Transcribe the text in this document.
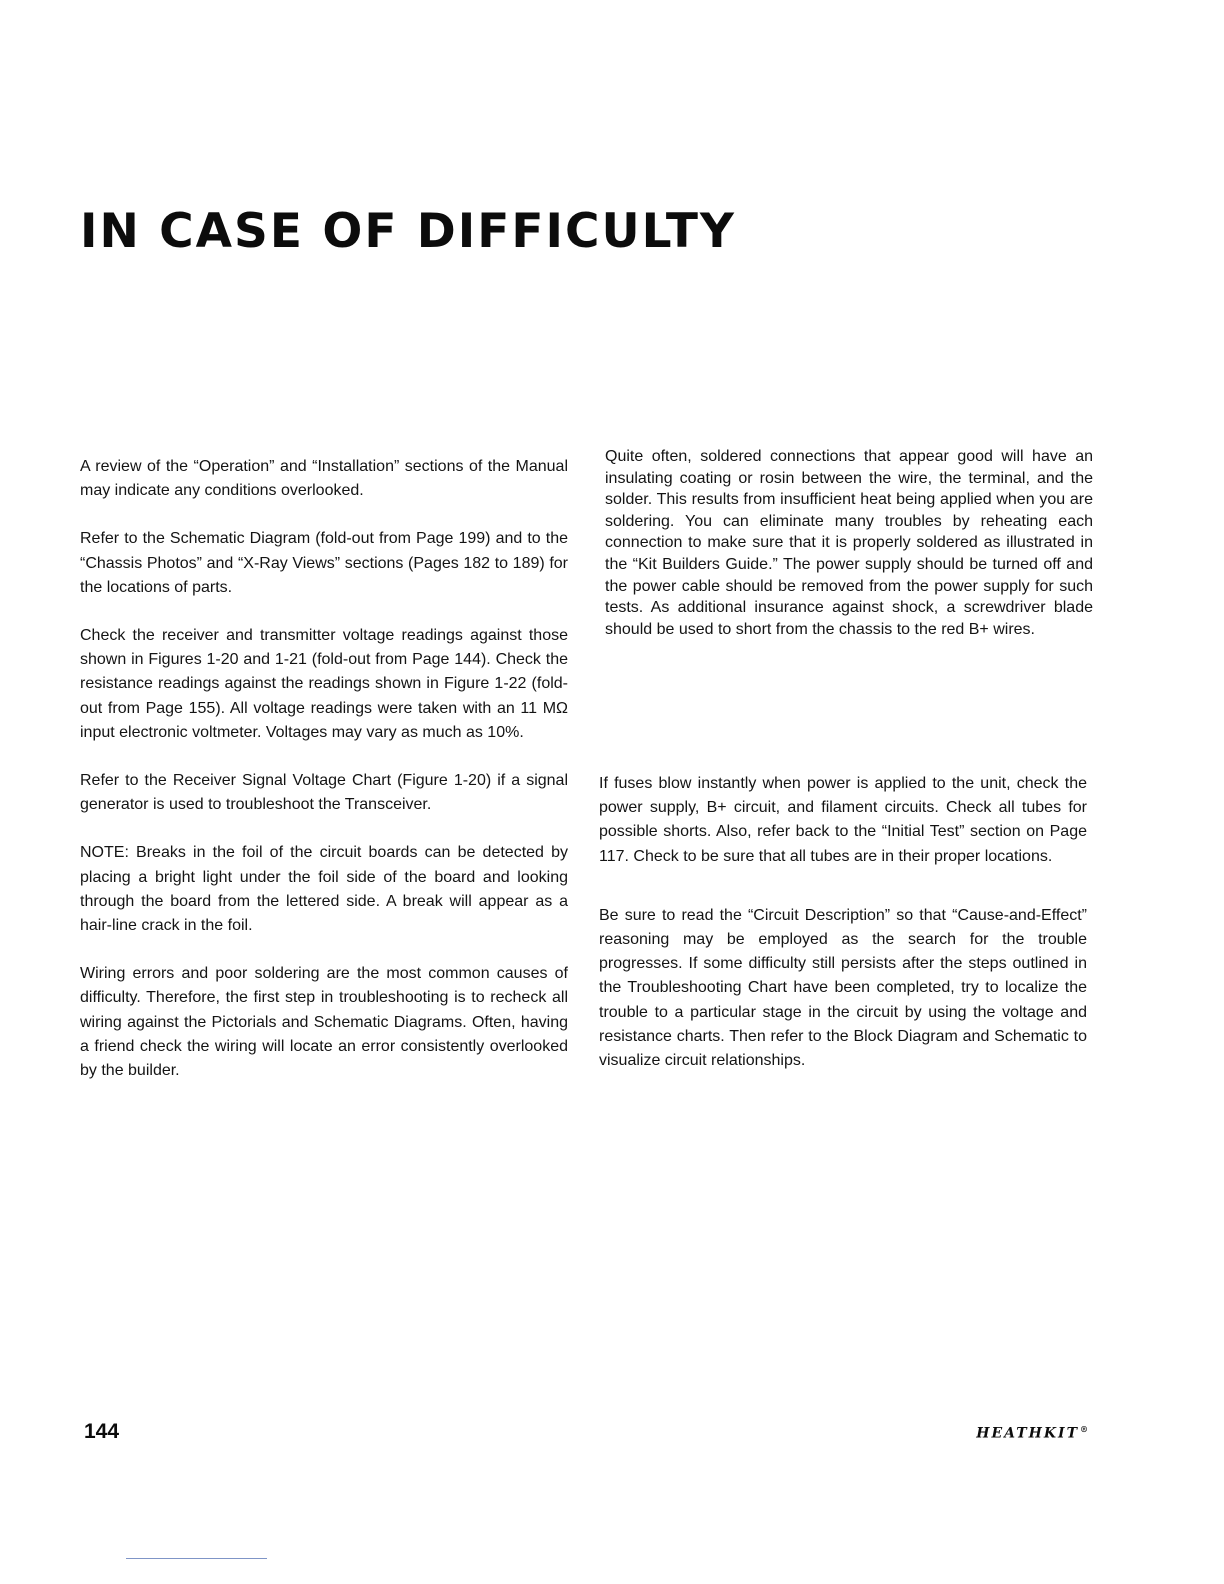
IN CASE OF DIFFICULTY

A review of the “Operation” and “Installation” sections of the Manual may indicate any conditions overlooked.

Refer to the Schematic Diagram (fold-out from Page 199) and to the “Chassis Photos” and “X-Ray Views” sections (Pages 182 to 189) for the locations of parts.

Check the receiver and transmitter voltage readings against those shown in Figures 1-20 and 1-21 (fold-out from Page 144). Check the resistance readings against the readings shown in Figure 1-22 (fold-out from Page 155). All voltage readings were taken with an 11 MΩ input electronic voltmeter. Voltages may vary as much as 10%.

Refer to the Receiver Signal Voltage Chart (Figure 1-20) if a signal generator is used to troubleshoot the Transceiver.

NOTE: Breaks in the foil of the circuit boards can be detected by placing a bright light under the foil side of the board and looking through the board from the lettered side. A break will appear as a hair-line crack in the foil.

Wiring errors and poor soldering are the most common causes of difficulty. Therefore, the first step in troubleshooting is to recheck all wiring against the Pictorials and Schematic Diagrams. Often, having a friend check the wiring will locate an error consistently overlooked by the builder.

Quite often, soldered connections that appear good will have an insulating coating or rosin between the wire, the terminal, and the solder. This results from insufficient heat being applied when you are soldering. You can eliminate many troubles by reheating each connection to make sure that it is properly soldered as illustrated in the “Kit Builders Guide.” The power supply should be turned off and the power cable should be removed from the power supply for such tests. As additional insurance against shock, a screwdriver blade should be used to short from the chassis to the red B+ wires.

If fuses blow instantly when power is applied to the unit, check the power supply, B+ circuit, and filament circuits. Check all tubes for possible shorts. Also, refer back to the “Initial Test” section on Page 117. Check to be sure that all tubes are in their proper locations.

Be sure to read the “Circuit Description” so that “Cause-and-Effect” reasoning may be employed as the search for the trouble progresses. If some difficulty still persists after the steps outlined in the Troubleshooting Chart have been completed, try to localize the trouble to a particular stage in the circuit by using the voltage and resistance charts. Then refer to the Block Diagram and Schematic to visualize circuit relationships.

144	HEATHKIT®
